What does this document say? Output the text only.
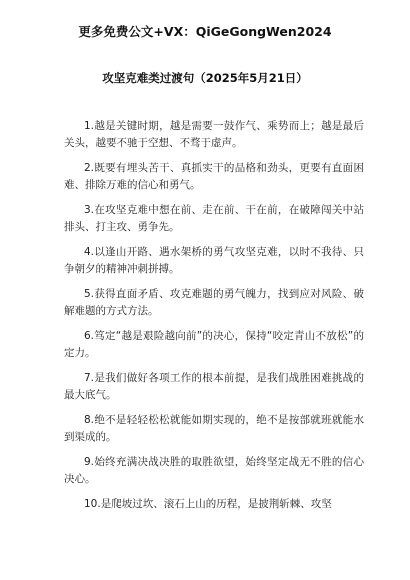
更多免费公文+VX：QiGeGongWen2024
攻坚克难类过渡句（2025年5月21日）
1.越是关键时期，越是需要一鼓作气、乘势而上；越是最后关头，越要不驰于空想、不骛于虚声。
2.既要有埋头苦干、真抓实干的品格和劲头，更要有直面困难、排除万难的信心和勇气。
3.在攻坚克难中想在前、走在前、干在前，在破障闯关中站排头、打主攻、勇争先。
4.以逢山开路、遇水架桥的勇气攻坚克难，以时不我待、只争朝夕的精神冲刺拼搏。
5.获得直面矛盾、攻克难题的勇气魄力，找到应对风险、破解难题的方式方法。
6.笃定“越是艰险越向前”的决心，保持“咬定青山不放松”的定力。
7.是我们做好各项工作的根本前提，是我们战胜困难挑战的最大底气。
8.绝不是轻轻松松就能如期实现的，绝不是按部就班就能水到渠成的。
9.始终充满决战决胜的取胜欲望，始终坚定战无不胜的信心决心。
10.是爬坡过坎、滚石上山的历程，是披荆斩棘、攻坚
